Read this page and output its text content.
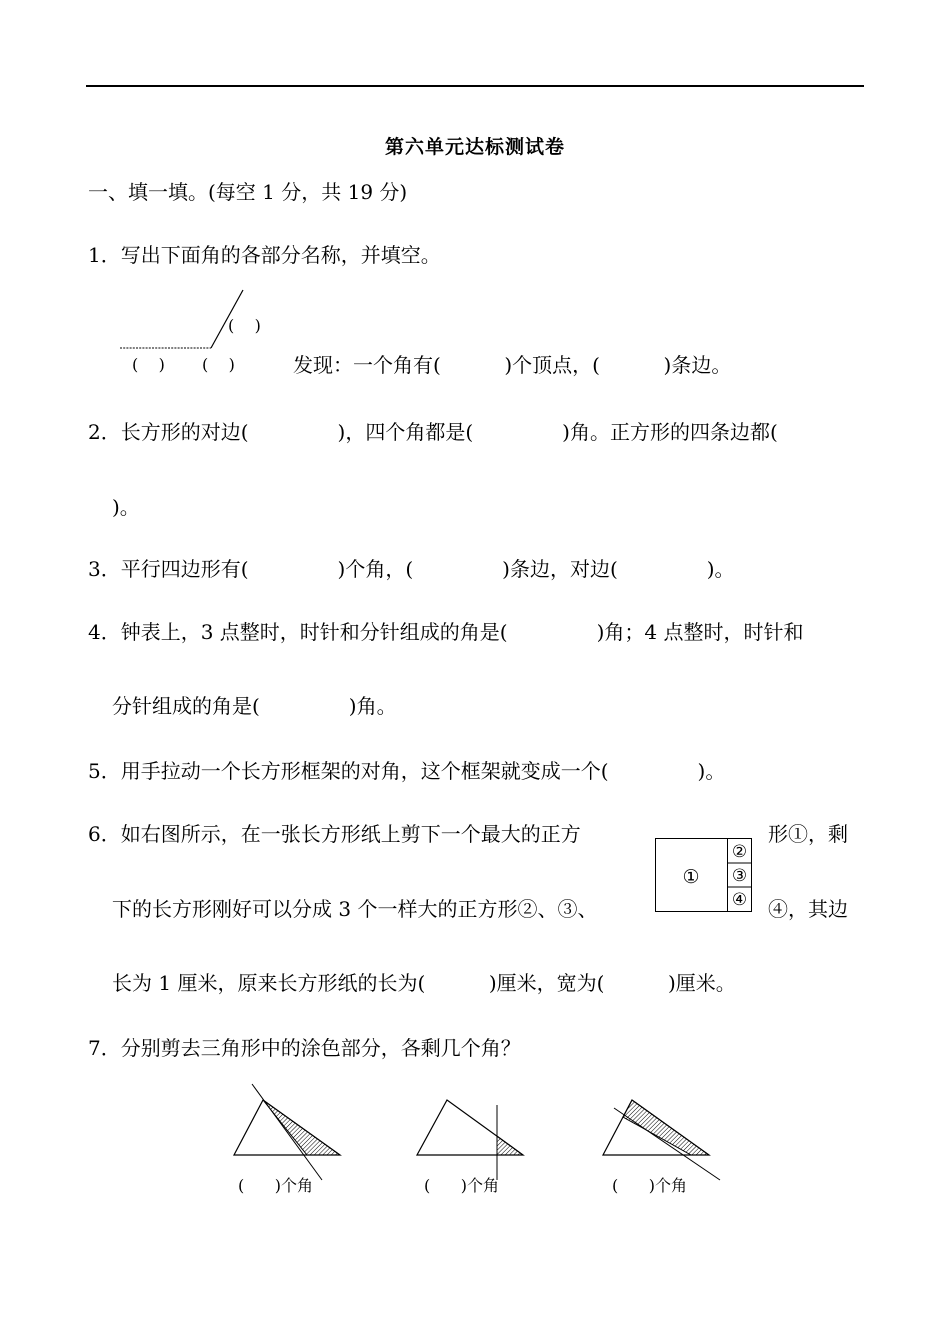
第六单元达标测试卷
一、填一填。(每空 1 分，共 19 分)
1．写出下面角的各部分名称，并填空。
(    )
(    ) (    )	发现：一个角有(          )个顶点，(          )条边。
2．长方形的对边(              )，四个角都是(              )角。正方形的四条边都(
)。
3．平行四边形有(              )个角，(              )条边，对边(              )。
4．钟表上，3 点整时，时针和分针组成的角是(              )角；4 点整时，时针和
分针组成的角是(              )角。
5．用手拉动一个长方形框架的对角，这个框架就变成一个(              )。
6．如右图所示，在一张长方形纸上剪下一个最大的正方	形①，剩
下的长方形刚好可以分成 3 个一样大的正方形②、③、	④，其边
长为 1 厘米，原来长方形纸的长为(          )厘米，宽为(          )厘米。
①
②
③
④
7．分别剪去三角形中的涂色部分，各剩几个角？
(      )个角	(      )个角	(      )个角
